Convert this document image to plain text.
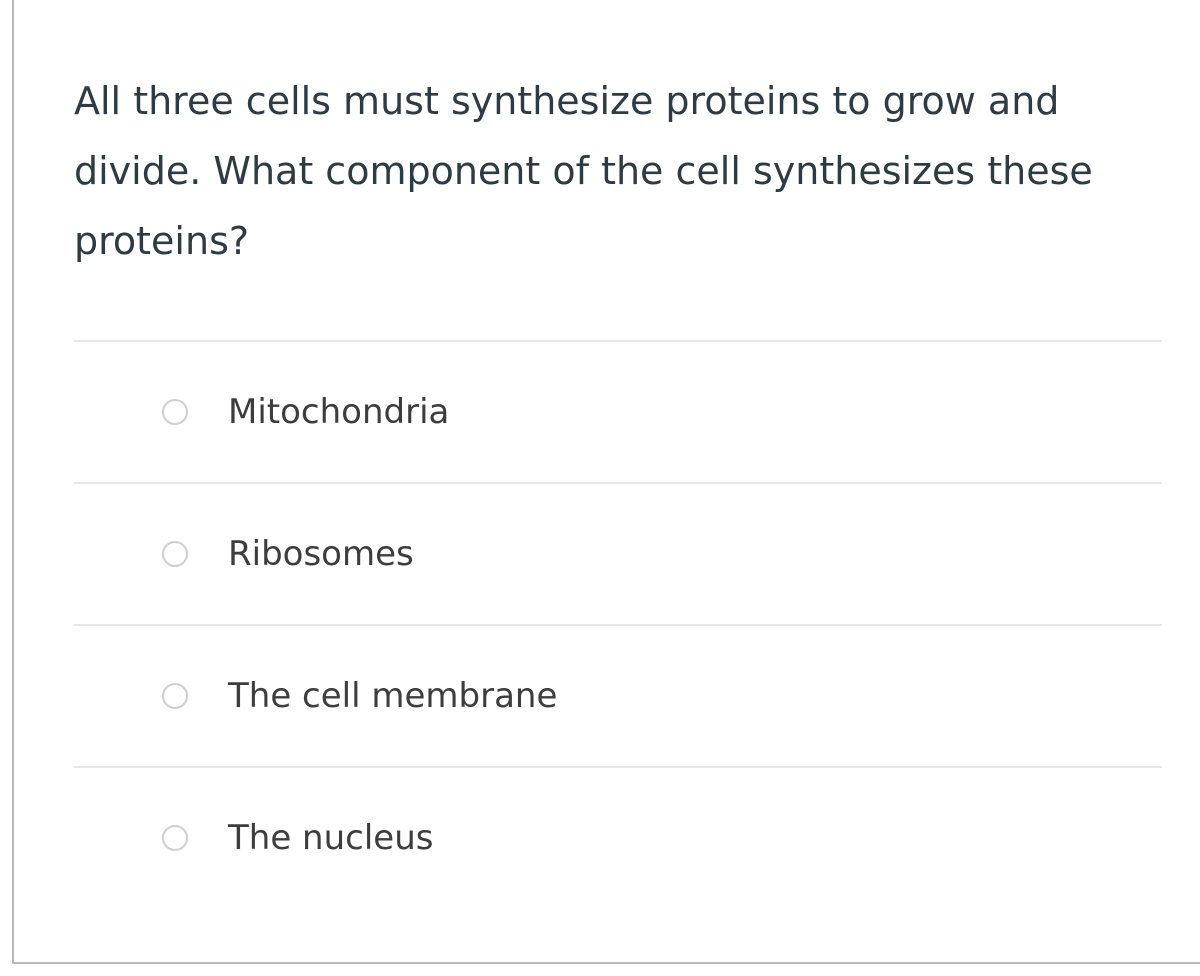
All three cells must synthesize proteins to grow and divide. What component of the cell synthesizes these proteins?

Mitochondria
Ribosomes
The cell membrane
The nucleus
